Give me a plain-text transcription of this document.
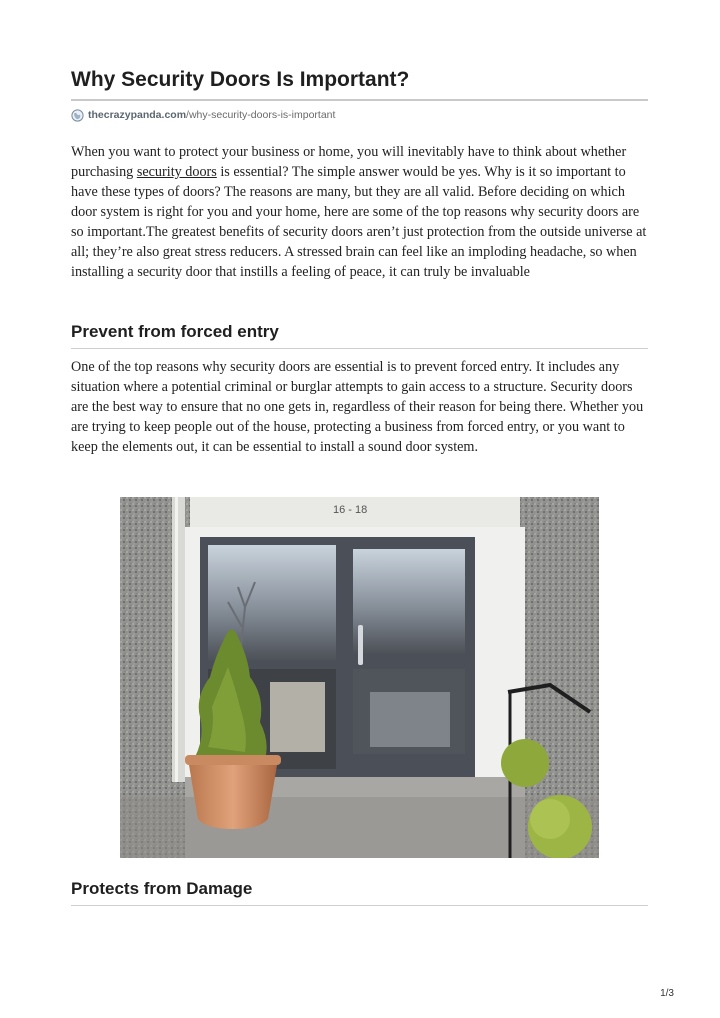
Why Security Doors Is Important?
thecrazypanda.com/why-security-doors-is-important

When you want to protect your business or home, you will inevitably have to think about whether purchasing security doors is essential? The simple answer would be yes. Why is it so important to have these types of doors? The reasons are many, but they are all valid. Before deciding on which door system is right for you and your home, here are some of the top reasons why security doors are so important.The greatest benefits of security doors aren’t just protection from the outside universe at all; they’re also great stress reducers. A stressed brain can feel like an imploding headache, so when installing a security door that instills a feeling of peace, it can truly be invaluable

Prevent from forced entry

One of the top reasons why security doors are essential is to prevent forced entry. It includes any situation where a potential criminal or burglar attempts to gain access to a structure. Security doors are the best way to ensure that no one gets in, regardless of their reason for being there. Whether you are trying to keep people out of the house, protecting a business from forced entry, or you want to keep the elements out, it can be essential to install a sound door system.

16 - 18
Protects from Damage
1/3
